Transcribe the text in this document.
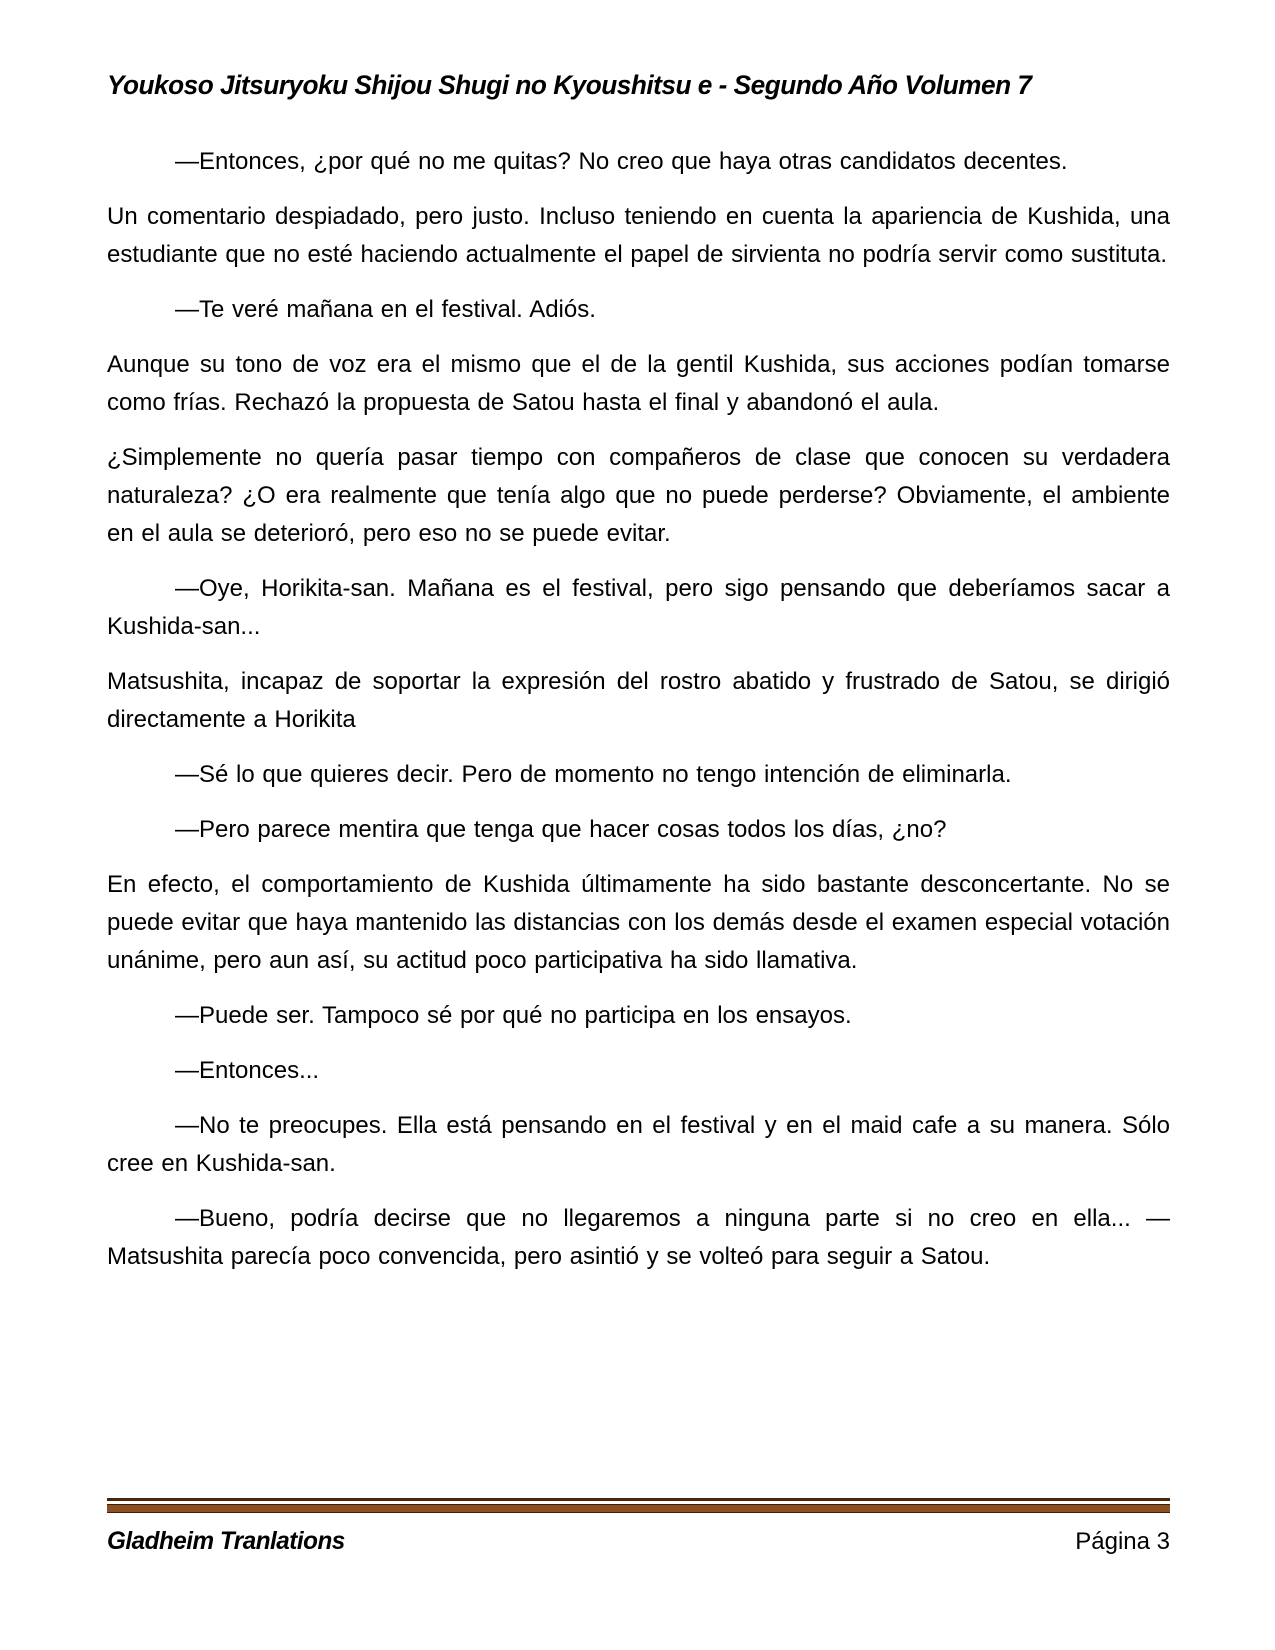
Youkoso Jitsuryoku Shijou Shugi no Kyoushitsu e - Segundo Año Volumen 7

—Entonces, ¿por qué no me quitas? No creo que haya otras candidatos decentes.

Un comentario despiadado, pero justo. Incluso teniendo en cuenta la apariencia de Kushida, una estudiante que no esté haciendo actualmente el papel de sirvienta no podría servir como sustituta.

—Te veré mañana en el festival. Adiós.

Aunque su tono de voz era el mismo que el de la gentil Kushida, sus acciones podían tomarse como frías. Rechazó la propuesta de Satou hasta el final y abandonó el aula.

¿Simplemente no quería pasar tiempo con compañeros de clase que conocen su verdadera naturaleza? ¿O era realmente que tenía algo que no puede perderse? Obviamente, el ambiente en el aula se deterioró, pero eso no se puede evitar.

—Oye, Horikita-san. Mañana es el festival, pero sigo pensando que deberíamos sacar a Kushida-san...

Matsushita, incapaz de soportar la expresión del rostro abatido y frustrado de Satou, se dirigió directamente a Horikita

—Sé lo que quieres decir. Pero de momento no tengo intención de eliminarla.

—Pero parece mentira que tenga que hacer cosas todos los días, ¿no?

En efecto, el comportamiento de Kushida últimamente ha sido bastante desconcertante. No se puede evitar que haya mantenido las distancias con los demás desde el examen especial votación unánime, pero aun así, su actitud poco participativa ha sido llamativa.

—Puede ser. Tampoco sé por qué no participa en los ensayos.

—Entonces...

—No te preocupes. Ella está pensando en el festival y en el maid cafe a su manera. Sólo cree en Kushida-san.

—Bueno, podría decirse que no llegaremos a ninguna parte si no creo en ella... —Matsushita parecía poco convencida, pero asintió y se volteó para seguir a Satou.

Gladheim Tranlations	Página 3
